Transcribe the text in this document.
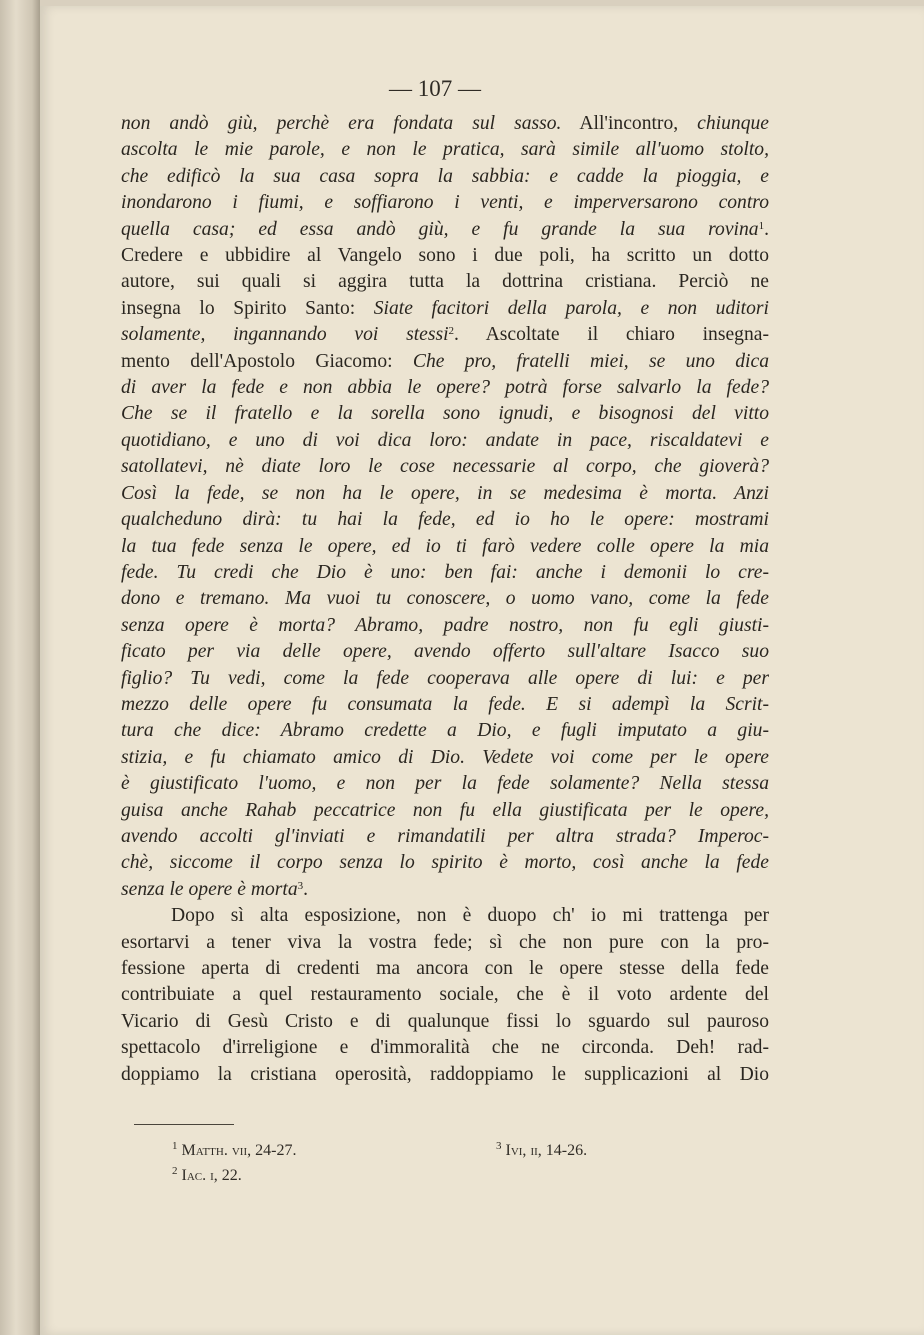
— 107 —

non andò giù, perchè era fondata sul sasso. All'incontro, chiunque

ascolta le mie parole, e non le pratica, sarà simile all'uomo stolto,

che edificò la sua casa sopra la sabbia: e cadde la pioggia, e

inondarono i fiumi, e soffiarono i venti, e imperversarono contro

quella casa; ed essa andò giù, e fu grande la sua rovina$^1$.

Credere e ubbidire al Vangelo sono i due poli, ha scritto un dotto

autore, sui quali si aggira tutta la dottrina cristiana. Perciò ne

insegna lo Spirito Santo: Siate facitori della parola, e non uditori

solamente, ingannando voi stessi$^2$. Ascoltate il chiaro insegna-

mento dell'Apostolo Giacomo: Che pro, fratelli miei, se uno dica

di aver la fede e non abbia le opere? potrà forse salvarlo la fede?

Che se il fratello e la sorella sono ignudi, e bisognosi del vitto

quotidiano, e uno di voi dica loro: andate in pace, riscaldatevi e

satollatevi, nè diate loro le cose necessarie al corpo, che gioverà?

Così la fede, se non ha le opere, in se medesima è morta. Anzi

qualcheduno dirà: tu hai la fede, ed io ho le opere: mostrami

la tua fede senza le opere, ed io ti farò vedere colle opere la mia

fede. Tu credi che Dio è uno: ben fai: anche i demonii lo cre-

dono e tremano. Ma vuoi tu conoscere, o uomo vano, come la fede

senza opere è morta? Abramo, padre nostro, non fu egli giusti-

ficato per via delle opere, avendo offerto sull'altare Isacco suo

figlio? Tu vedi, come la fede cooperava alle opere di lui: e per

mezzo delle opere fu consumata la fede. E si adempì la Scrit-

tura che dice: Abramo credette a Dio, e fugli imputato a giu-

stizia, e fu chiamato amico di Dio. Vedete voi come per le opere

è giustificato l'uomo, e non per la fede solamente? Nella stessa

guisa anche Rahab peccatrice non fu ella giustificata per le opere,

avendo accolti gl'inviati e rimandatili per altra strada? Imperoc-

chè, siccome il corpo senza lo spirito è morto, così anche la fede

senza le opere è morta$^3$.

Dopo sì alta esposizione, non è duopo ch' io mi trattenga per

esortarvi a tener viva la vostra fede; sì che non pure con la pro-

fessione aperta di credenti ma ancora con le opere stesse della fede

contribuiate a quel restauramento sociale, che è il voto ardente del

Vicario di Gesù Cristo e di qualunque fissi lo sguardo sul pauroso

spettacolo d'irreligione e d'immoralità che ne circonda. Deh! rad-

doppiamo la cristiana operosità, raddoppiamo le supplicazioni al Dio

$^1$ Matth. vii, 24-27.
$^2$ Iac. i, 22.
$^3$ Ivi, ii, 14-26.
